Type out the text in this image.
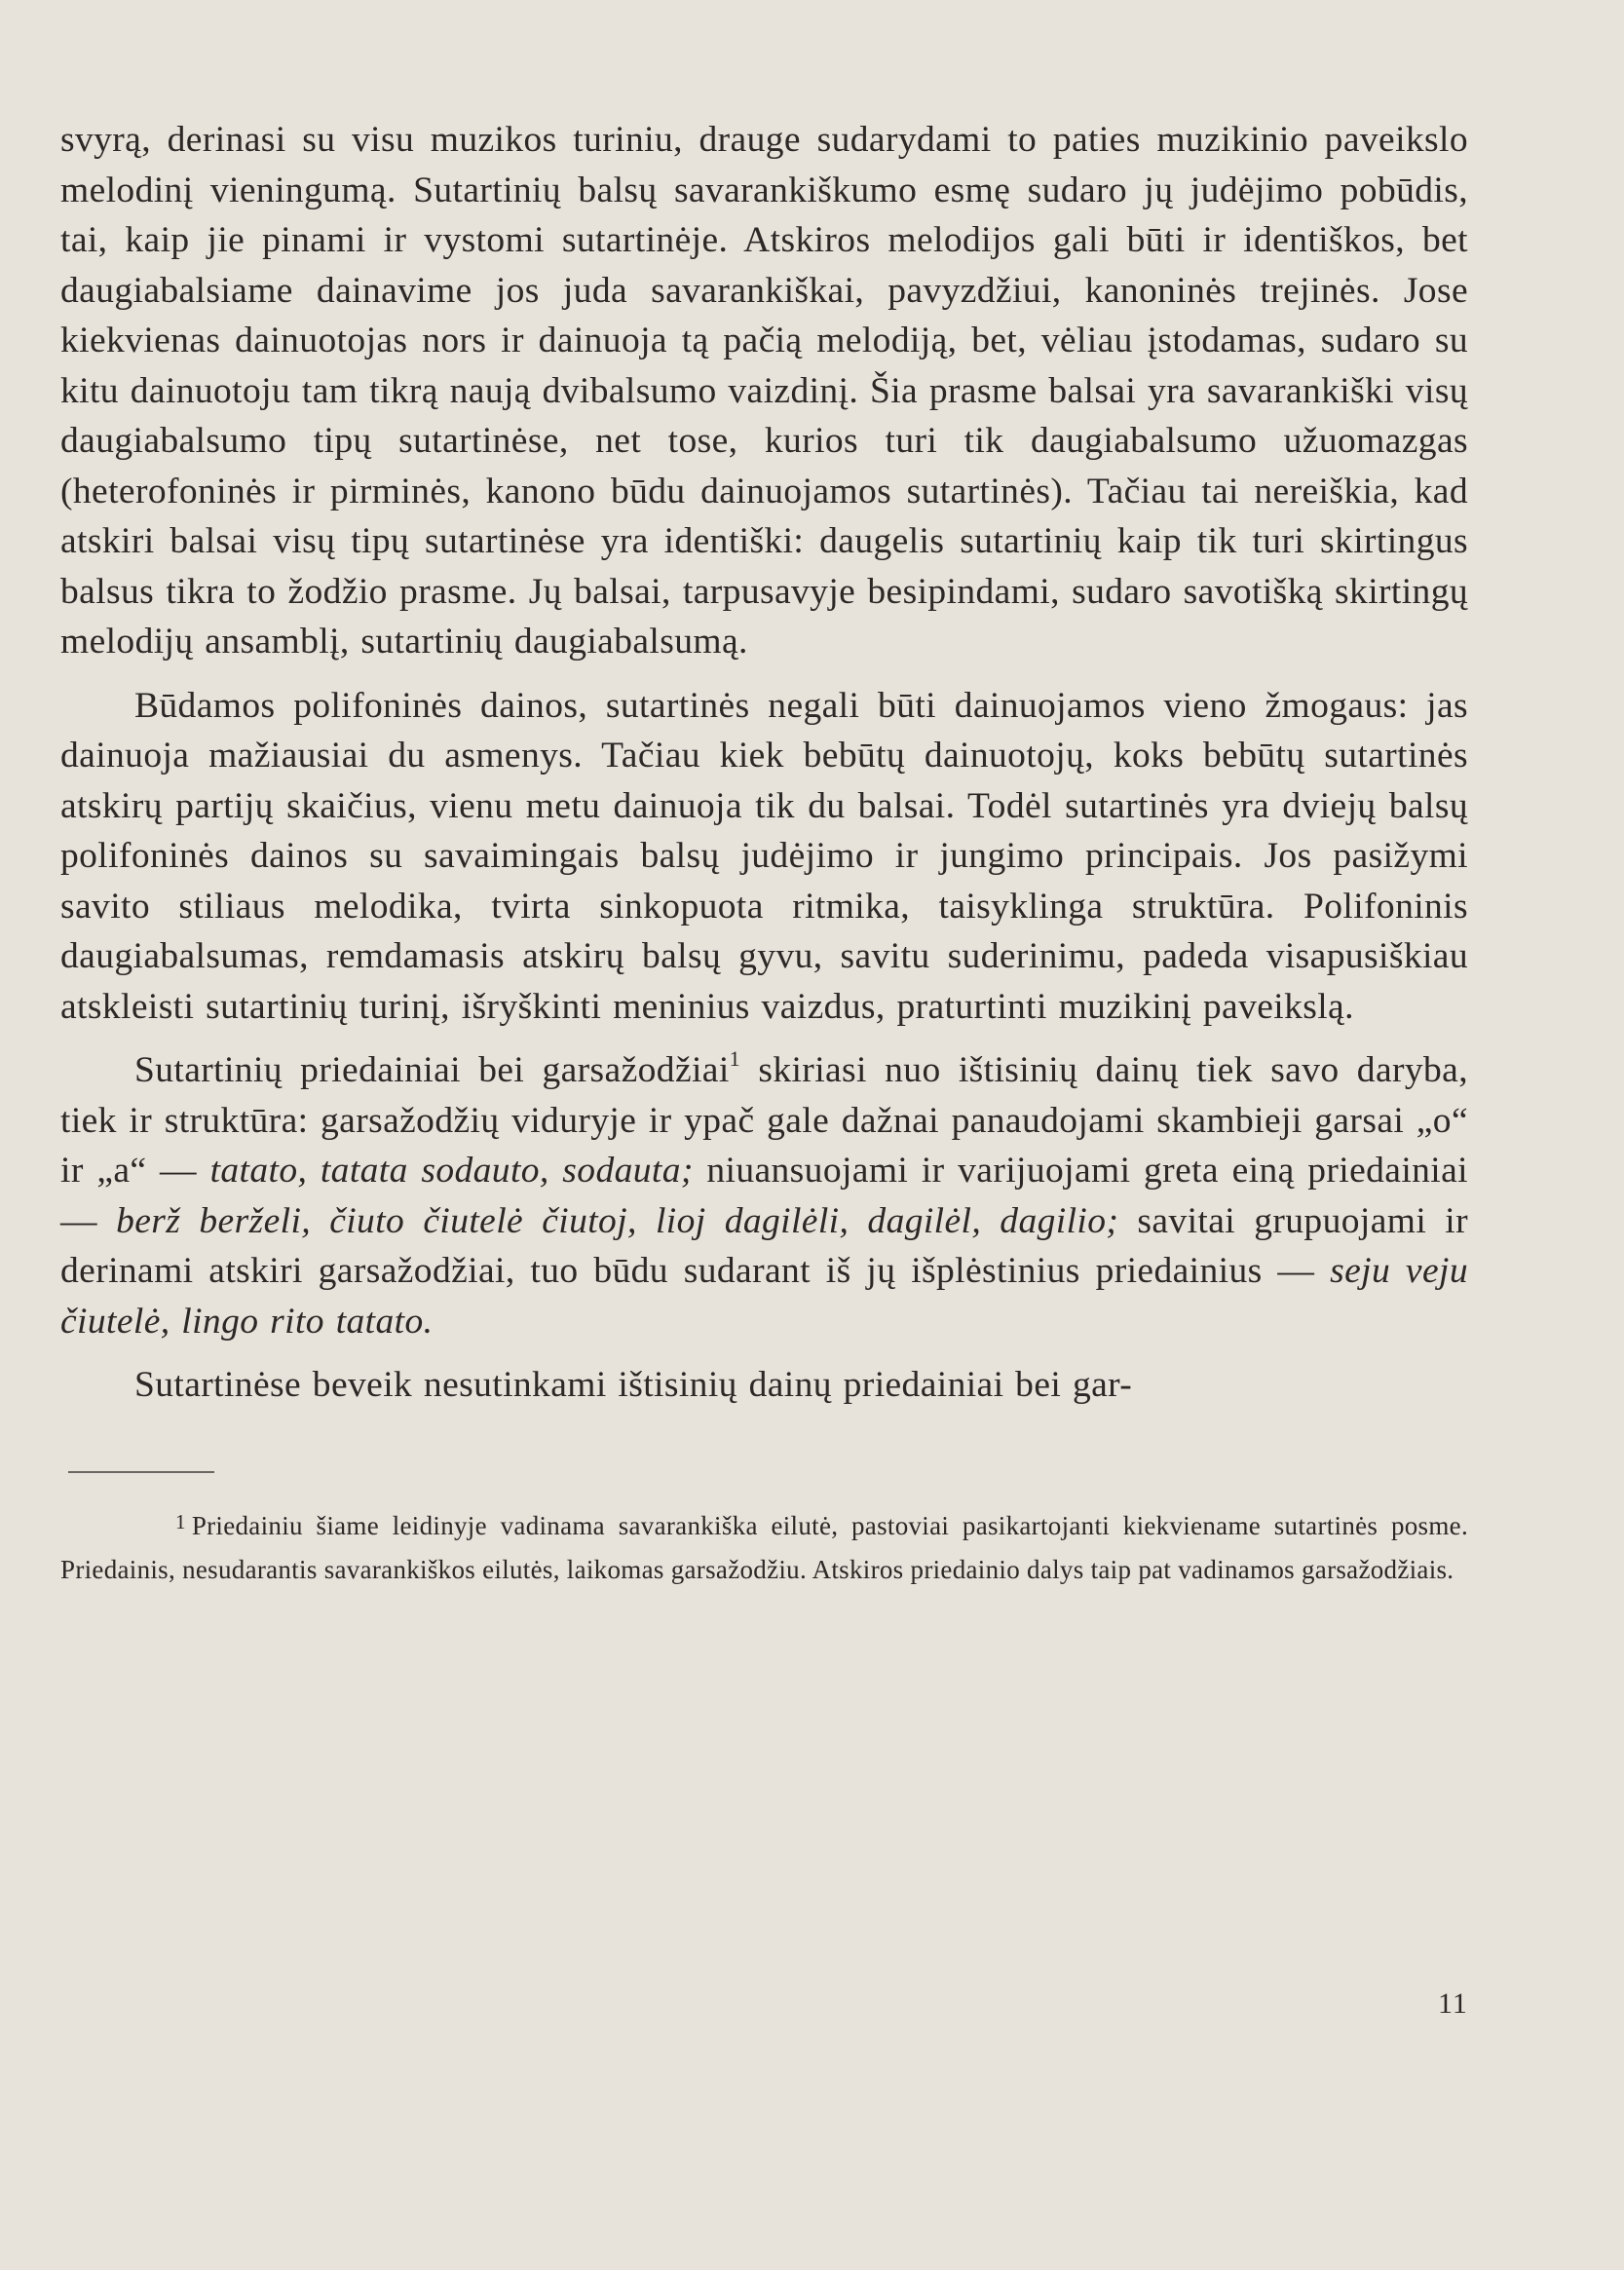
svyrą, derinasi su visu muzikos turiniu, drauge sudarydami to paties muzikinio paveikslo melodinį vieningumą. Sutartinių balsų savarankiškumo esmę sudaro jų judėjimo pobūdis, tai, kaip jie pinami ir vystomi sutartinėje. Atskiros melodijos gali būti ir identiškos, bet daugiabalsiame dainavime jos juda savarankiškai, pavyzdžiui, kanoninės trejinės. Jose kiekvienas dainuotojas nors ir dainuoja tą pačią melodiją, bet, vėliau įstodamas, sudaro su kitu dainuotoju tam tikrą naują dvibalsumo vaizdinį. Šia prasme balsai yra savarankiški visų daugiabalsumo tipų sutartinėse, net tose, kurios turi tik daugiabalsumo užuomazgas (heterofoninės ir pirminės, kanono būdu dainuojamos sutartinės). Tačiau tai nereiškia, kad atskiri balsai visų tipų sutartinėse yra identiški: daugelis sutartinių kaip tik turi skirtingus balsus tikra to žodžio prasme. Jų balsai, tarpusavyje besipindami, sudaro savotišką skirtingų melodijų ansamblį, sutartinių daugiabalsumą.

Būdamos polifoninės dainos, sutartinės negali būti dainuojamos vieno žmogaus: jas dainuoja mažiausiai du asmenys. Tačiau kiek bebūtų dainuotojų, koks bebūtų sutartinės atskirų partijų skaičius, vienu metu dainuoja tik du balsai. Todėl sutartinės yra dviejų balsų polifoninės dainos su savaimingais balsų judėjimo ir jungimo principais. Jos pasižymi savito stiliaus melodika, tvirta sinkopuota ritmika, taisyklinga struktūra. Polifoninis daugiabalsumas, remdamasis atskirų balsų gyvu, savitu suderinimu, padeda visapusiškiau atskleisti sutartinių turinį, išryškinti meninius vaizdus, praturtinti muzikinį paveikslą.

Sutartinių priedainiai bei garsažodžiai$^1$ skiriasi nuo ištisinių dainų tiek savo daryba, tiek ir struktūra: garsažodžių viduryje ir ypač gale dažnai panaudojami skambieji garsai „o“ ir „a“ — tatato, tatata sodauto, sodauta; niuansuojami ir varijuojami greta einą priedainiai — berž berželi, čiuto čiutelė čiutoj, lioj dagilėli, dagilėl, dagilio; savitai grupuojami ir derinami atskiri garsažodžiai, tuo būdu sudarant iš jų išplėstinius priedainius — seju veju čiutelė, lingo rito tatato.

Sutartinėse beveik nesutinkami ištisinių dainų priedainiai bei gar-

$^1$ Priedainiu šiame leidinyje vadinama savarankiška eilutė, pastoviai pasikartojanti kiekviename sutartinės posme. Priedainis, nesudarantis savarankiškos eilutės, laikomas garsažodžiu. Atskiros priedainio dalys taip pat vadinamos garsažodžiais.

11
